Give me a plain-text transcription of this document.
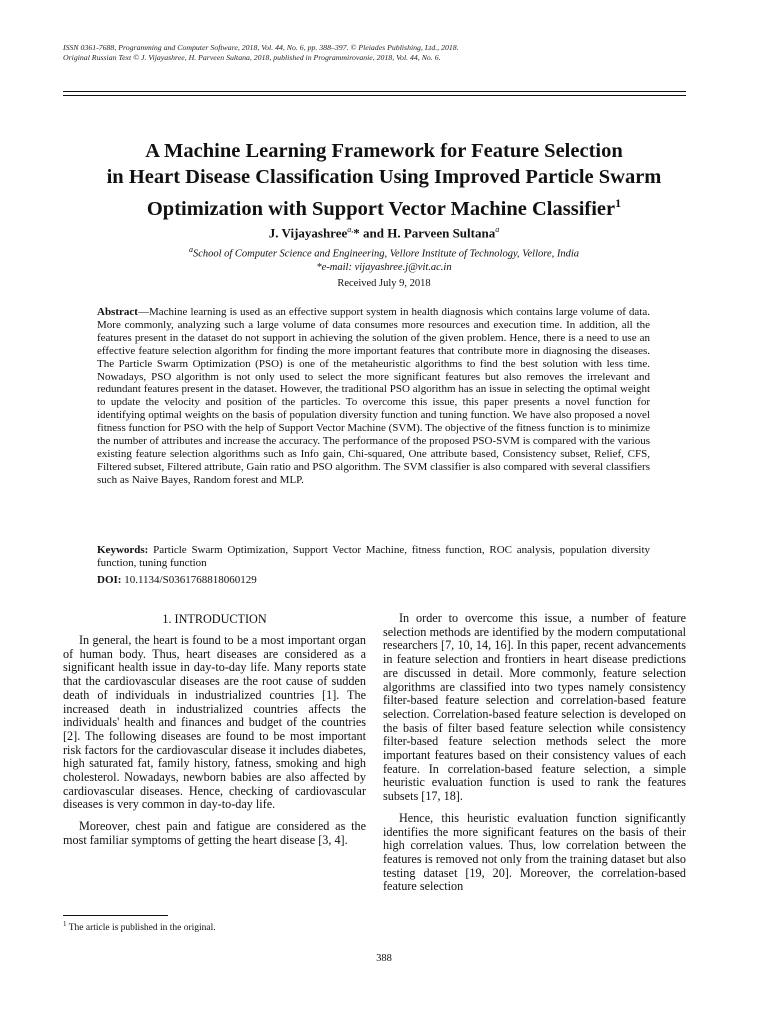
ISSN 0361-7688, Programming and Computer Software, 2018, Vol. 44, No. 6, pp. 388–397. © Pleiades Publishing, Ltd., 2018.
Original Russian Text © J. Vijayashree, H. Parveen Sultana, 2018, published in Programmirovanie, 2018, Vol. 44, No. 6.
A Machine Learning Framework for Feature Selection
in Heart Disease Classification Using Improved Particle Swarm
Optimization with Support Vector Machine Classifier$^1$
J. Vijayashree$^{a,}$* and H. Parveen Sultana$^a$
$^a$School of Computer Science and Engineering, Vellore Institute of Technology, Vellore, India
*e-mail: vijayashree.j@vit.ac.in
Received July 9, 2018

Abstract—Machine learning is used as an effective support system in health diagnosis which contains large volume of data. More commonly, analyzing such a large volume of data consumes more resources and execution time. In addition, all the features present in the dataset do not support in achieving the solution of the given problem. Hence, there is a need to use an effective feature selection algorithm for finding the more important features that contribute more in diagnosing the diseases. The Particle Swarm Optimization (PSO) is one of the metaheuristic algorithms to find the best solution with less time. Nowadays, PSO algorithm is not only used to select the more significant features but also removes the irrelevant and redundant features present in the dataset. However, the traditional PSO algorithm has an issue in selecting the optimal weight to update the velocity and position of the particles. To overcome this issue, this paper presents a novel function for identifying optimal weights on the basis of population diversity function and tuning function. We have also proposed a novel fitness function for PSO with the help of Support Vector Machine (SVM). The objective of the fitness function is to minimize the number of attributes and increase the accuracy. The performance of the proposed PSO-SVM is compared with the various existing feature selection algorithms such as Info gain, Chi-squared, One attribute based, Consistency subset, Relief, CFS, Filtered subset, Filtered attribute, Gain ratio and PSO algorithm. The SVM classifier is also compared with several classifiers such as Naive Bayes, Random forest and MLP.

Keywords: Particle Swarm Optimization, Support Vector Machine, fitness function, ROC analysis, population diversity function, tuning function

DOI: 10.1134/S0361768818060129
1. INTRODUCTION

In general, the heart is found to be a most important organ of human body. Thus, heart diseases are considered as a significant health issue in day-to-day life. Many reports state that the cardiovascular diseases are the root cause of sudden death of individuals in industrialized countries [1]. The increased death in industrialized countries affects the individuals' health and finances and budget of the countries [2]. The following diseases are found to be most important risk factors for the cardiovascular disease it includes diabetes, high saturated fat, family history, fatness, smoking and high cholesterol. Nowadays, newborn babies are also affected by cardiovascular diseases. Hence, checking of cardiovascular diseases is very common in day-to-day life.

Moreover, chest pain and fatigue are considered as the most familiar symptoms of getting the heart disease [3, 4].

In order to overcome this issue, a number of feature selection methods are identified by the modern computational researchers [7, 10, 14, 16]. In this paper, recent advancements in feature selection and frontiers in heart disease predictions are discussed in detail. More commonly, feature selection algorithms are classified into two types namely consistency filter-based feature selection and correlation-based feature selection. Correlation-based feature selection is developed on the basis of filter based feature selection while consistency filter-based feature selection methods select the more important features based on their consistency values of each feature. In correlation-based feature selection, a simple heuristic evaluation function is used to rank the features subsets [17, 18].

Hence, this heuristic evaluation function significantly identifies the more significant features on the basis of their high correlation values. Thus, low correlation between the features is removed not only from the training dataset but also testing dataset [19, 20]. Moreover, the correlation-based feature selection

$^1$ The article is published in the original.
388
